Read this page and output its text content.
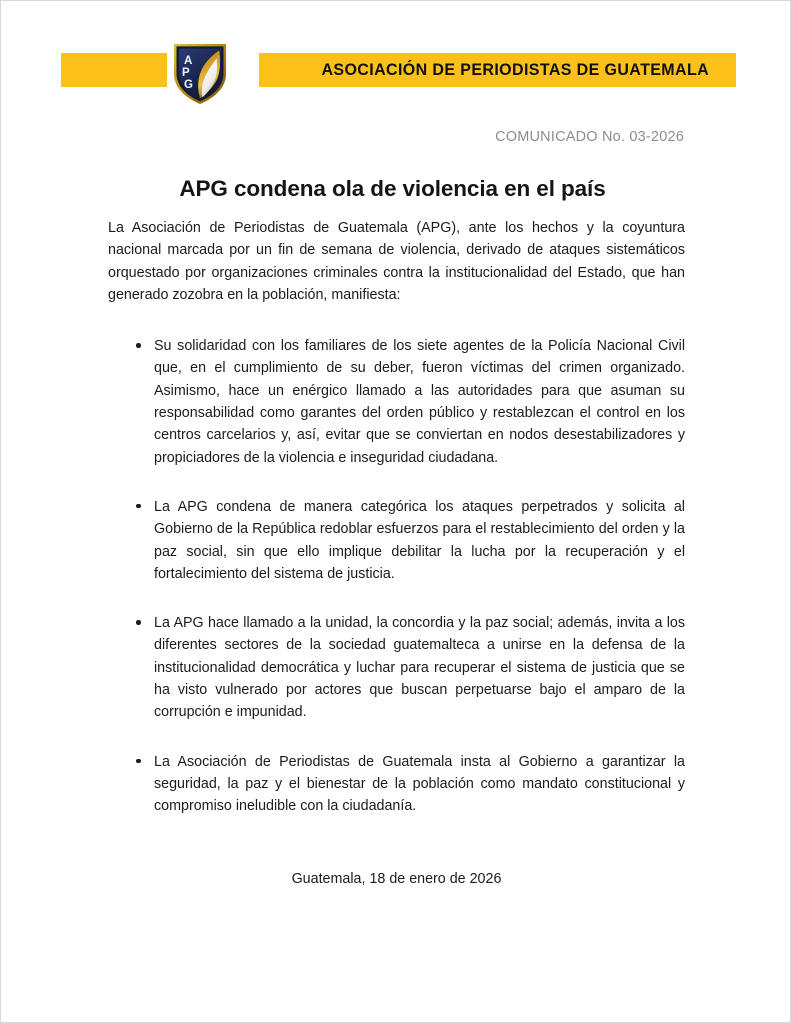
A
P
G
ASOCIACIÓN DE PERIODISTAS DE GUATEMALA
COMUNICADO No. 03-2026
APG condena ola de violencia en el país

La Asociación de Periodistas de Guatemala (APG), ante los hechos y la coyuntura nacional marcada por un fin de semana de violencia, derivado de ataques sistemáticos orquestado por organizaciones criminales contra la institucionalidad del Estado, que han generado zozobra en la población, manifiesta:

Su solidaridad con los familiares de los siete agentes de la Policía Nacional Civil que, en el cumplimiento de su deber, fueron víctimas del crimen organizado. Asimismo, hace un enérgico llamado a las autoridades para que asuman su responsabilidad como garantes del orden público y restablezcan el control en los centros carcelarios y, así, evitar que se conviertan en nodos desestabilizadores y propiciadores de la violencia e inseguridad ciudadana.
La APG condena de manera categórica los ataques perpetrados y solicita al Gobierno de la República redoblar esfuerzos para el restablecimiento del orden y la paz social, sin que ello implique debilitar la lucha por la recuperación y el fortalecimiento del sistema de justicia.
La APG hace llamado a la unidad, la concordia y la paz social; además, invita a los diferentes sectores de la sociedad guatemalteca a unirse en la defensa de la institucionalidad democrática y luchar para recuperar el sistema de justicia que se ha visto vulnerado por actores que buscan perpetuarse bajo el amparo de la corrupción e impunidad.
La Asociación de Periodistas de Guatemala insta al Gobierno a garantizar la seguridad, la paz y el bienestar de la población como mandato constitucional y compromiso ineludible con la ciudadanía.
Guatemala, 18 de enero de 2026
